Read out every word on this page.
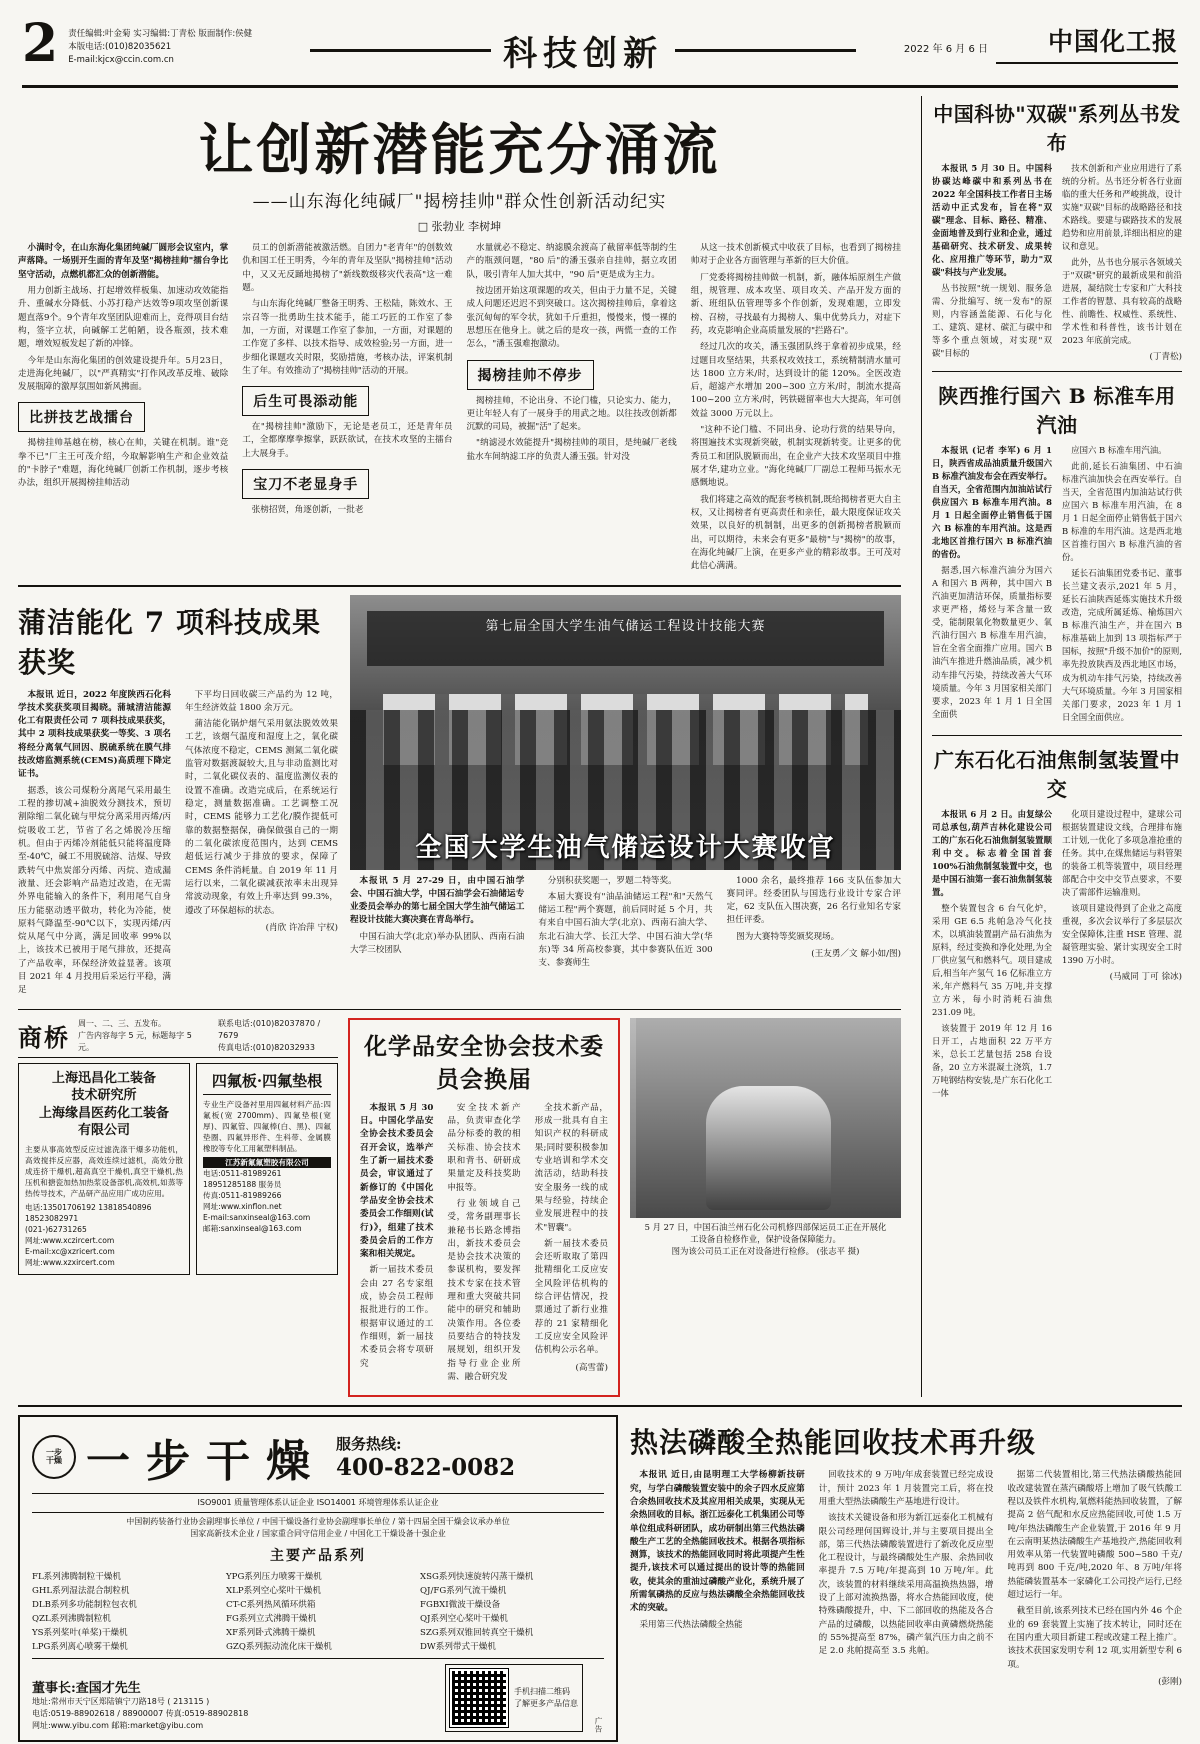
2 责任编辑:叶金菊 实习编辑:丁青松 版面制作:侯健
本版电话:(010)82035621
E-mail:kjcx@ccin.com.cn	科技创新	2022 年 6 月 6 日	中国化工报
让创新潜能充分涌流
——山东海化纯碱厂"揭榜挂帅"群众性创新活动纪实
□ 张勃业 李树坤

小满时令，在山东海化集团纯碱厂圆形会议室内，掌声落降。一场别开生面的青年及坚"揭榜挂帅"擂台争比坚守活动，点燃机都汇众的创新潜能。

用力创新主战场、打起增效样板集、加速动攻效能指升、重碱水分降低、小苏打稳产达效等9项攻坚创新课题直落9个。9个青年攻坚团队迎难而上，竞得项目台结构，签字立状，向碱解工艺帕陋，设各瓶颈，技术难题，增效短板发起了新的冲锋。

今年是山东海化集团的创效建设提升年。5月23日，走进海化纯碱厂，以"严真精实"打作风改革反堆、破除发展瓶障的激厚氛围如新风拂面。

比拼技艺战擂台

揭榜挂帅基越在榜，核心在帅，关键在机制。谁"竞拳不已"厂主王可茂介绍，今取解影响生产和企业效益的"卡脖子"难题，海化纯碱厂创新工作机制，逐步考核办法，组织开展揭榜挂帅活动

员工的创新潜能被激活燃。自团力"老青年"的创数效仇和国工任王明秀，今年的青年及坚队"揭榜挂帅"活动中，又又无反踊地揭榜了"新线数级移灾代表高"这一难题。

与山东海化纯碱厂整备王明秀、王松陆，陈效水、王宗召等一批勇助生技术能手，能工巧匠的工作室了参加，一方面，对课题工作室了参加，一方面，对课题的工作宽了多样、以技术指导、成效检验;另一方面，进一步细化课题攻关时限，奖励措施，考核办法，评案机制生了年。有效推动了"揭榜挂帅"活动的开展。

后生可畏添动能

在"揭榜挂帅"激励下，无论是老员工，还是青年员工，全都摩摩拳擦掌，跃跃欲试，在技术攻坚的主擂台上大展身手。

宝刀不老显身手

张榜招贤，角逐创新，一批老

水量就必不稳定、纳滤膜余渡高了截留率低等制约生产的瓶颈问题，"80 后"的潘玉强亲自挂帅，据立攻团队，吸引青年人加大其中，"90 后"更是成为主力。

按边团开始这项课题的攻关，但由于力量不足，关键成人问题还迟迟不到突破口。这次揭榜挂帅后，拿着这张沉甸甸的军令状，犹如千斤重担，慢慢来，慢一裸的思想压在他身上。就之后的是攻一孩，两慌一查的工作怎么，"潘玉强难抱激动。

揭榜挂帅不停步

揭榜挂帅，不论出身、不论门槛，只论实力、能力，更让年轻人有了一展身手的用武之地。以往技改创新都沉默的司局，被掘"活"了起来。

"纳滤浸水效能提升"揭榜挂帅的项目，是纯碱厂老线盐水车间纳滤工序的负责人潘玉强。针对没

从这一技术创新模式中收获了目标，也看到了揭榜挂帅对于企业各方面管理与革新的巨大价值。

厂党委将揭榜挂帅做一机制，新，融体垢原剂生产做组，规管理、成本攻坚、项目攻关、产品开发方面的新、班组队伍管理等多个作创新，发现难题，立即发榜、召榜，寻找最有力揭榜人、集中优势兵力，对症下药，攻克影响企业高质量发展的"拦路石"。

经过几次的攻关，潘玉强团队终于拿着初步成果，经过题目攻坚结果，共系权攻效技工，系统精制清水量可达 1800 立方米/时，达到设计的能 120%。全医改造后，超滤产水增加 200~300 立方米/时，制流水提高 100~200 立方米/时，钙铁磁留率也大大提高，年可创效益 3000 万元以上。

"这种不论门槛、不同出身、论功行赏的结果导向，将围遍技术实现新突破，机制实现新转变。让更多的优秀员工和团队脱颖而出，在企业产大技术攻坚项目中推展才华,建功立业。"海化纯碱厂厂副总工程师马振水无感慨地说。

我们将建之高效的配套考核机制,既给揭榜者更大自主权，又让揭榜者有更高责任和亲任，最大限度保证攻关效果，以良好的机制制，出更多的创新揭榜者脱颖而出，可以期待，未来会有更多"最榜"与"揭榜"的故事，在海化纯碱厂上演，在更多产业的精彩故事。王可茂对此信心满满。

蒲洁能化 7 项科技成果获奖

本报讯 近日，2022 年度陕西石化科学技术奖获奖项目揭晓。蒲城清洁能源化工有限责任公司 7 项科技成果获奖，其中 2 项科技成果获奖一等奖、3 项名将经分离氧气回因、脱硫系统在膜气排技改熔监测系统(CEMS)高质理下降定证书。

据悉，该公司煤粉分离尾气采用最生工程的掺切减+油脱效分测技术，预切割除缩二氧化硫与甲烷分离采用丙烯/丙烷吸收工艺，节省了名之烯脱冷压缩机。但由于丙烯冷剂能低只能将温度降至-40℃，碱工不用脱硫溶、洁煤、导致跌转气中焦炭部分丙烯、丙烷、造成漏液量、还会影响产品造过改造，在无需外界电能输入的条件下，利用尾气自身压力能驱动透平做功，转化为冷能，使原料气降温至-90℃以下，实现丙烯/丙烷从尾气中分离，满足回收率 99%以上，该技术已被用于尾气排放，还提高了产品收率，环保经济效益显著。该项目 2021 年 4 月投用后采运行平稳，满足

下平均日回收碳三产品约为 12 吨，年生经济效益 1800 余万元。

蒲洁能化锅炉烟气采用氨法脱效效果工艺，该烟气温度和湿度上之，氧化碳气体浓度不稳定，CEMS 测氮二氧化碳监管对数据渡凝较大,且与非动监测比对时，二氧化碳仪表的、温度监测仪表的设置不准确。改造完成后，在系统运行稳定，测量数据准确。工艺调整工况时，CEMS 能够力工艺化/膜作提低可靠的数据整据保，确保做强自己的一期的二氧化碳浓度范围内，达到 CEMS 超低运行减少于排放的要求，保障了 CEMS 条件消耗量。自 2019 年 11 月运行以来，二氧化碳减获浓率未出现异常波动现象，有效上升率达到 99.3%，遵改了环保超标的状态。

(肖欣 许冶萍 宁权)
第七届全国大学生油气储运工程设计技能大赛
全国大学生油气储运设计大赛收官

本报讯 5 月 27-29 日，由中国石油学会、中国石油大学，中国石油学会石油储运专业委员会举办的第七届全国大学生油气储运工程设计技能大赛决赛在青岛举行。

中国石油大学(北京)举办队团队、西南石油大学三校团队

分别积获奖题一，罗题二特等奖。

本届大赛设有"油品油储运工程"和"天然气储运工程"两个赛题，前后同时延 5 个月，共有来自中国石油大学(北京)、西南石油大学、东北石油大学、长江大学、中国石油大学(华东)等 34 所高校参赛，其中参赛队伍近 300 支、参赛师生

1000 余名，最终推荐 166 支队伍参加大赛同评。经委团队与国选行业设计专家合评定，62 支队伍入围决赛，26 名行业知名专家担任评委。

图为大赛特等奖颁奖现场。

(王友勇／文 解小如/图)
商桥 周一、二、三、五发布。
广告内容每字 5 元，标题每字 5 元。
联系电话:(010)82037870 / 7679
传真电话:(010)82032933
上海迅昌化工装备
技术研究所
上海缘昌医药化工装备
有限公司

主要从事高效型反应过滤洗涤干爆多功能机，高效搅拌反应器，高效连续过滤机，高效分散成连挤干爆机,超高真空干燥机,真空干燥机,热压机和搪瓷加热加热浆设备部机,高效机,如蒸等热传导技术，产品研产品应用广成功应用。

电话:13501706192 13818540896
18523082971
(021-)62731265
网址:www.xczircert.com
E-mail:xc@xzricert.com
网址:www.xzxircert.com
四氟板·四氟垫根

专业生产设备衬里用四氟材料产品:四氟板(宽 2700mm)、四氟垫根(宽厚)、四氟管、四氟棒(白、黑)、四氟垫圈、四氟异形件、生科带、金属膜橡胶等专化工用氟塑料制品。

江苏新氟氟塑胶有限公司
电话:0511-81989261
18951285188 服务员
传真:0511-81989266
网址:www.xinflon.net
E-mail:sanxinseal@163.com
邮箱:sanxinseal@163.com
化学品安全协会技术委员会换届

本报讯 5 月 30 日。中国化学品安全协会技术委员会召开会议，选举产生了新一届技术委员会，审议通过了新修订的《中国化学品安全协会技术委员会工作细则(试行)》，组建了技术委员会后的工作方案和相关规定。

新一届技术委员会由 27 名专家组成，协会员工程师报批进行的工作。根据审议通过的工作细则，新一届技术委员会将专项研究

安全技术新产品，负责审查化学品分标委的教的相关标准、协会技术职和背书、研研成果量定及科技奖助申报等。

行业领域自己受，常务副理事长兼秘书长路念博指出，新技术委员会是协会技术决策的参谋机构，要发挥技术专家在技术管理和重大突破共同能中的研究和辅助决策作用。各位委员要结合的特技发展规划，组织开发指导行业企业所需、融合研究发

全技术新产品，形成一批具有自主知识产权的科研成果;同时要积极参加专业培训和学术交流活动，结助科技安全服务一线的成果与经验，持续企业发展进程中的技术"智囊"。

新一届技术委员会还听取取了第四批精细化工反应安全风险评估机构的综合评估情况，投票通过了新行业推荐的 21 家精细化工反应安全风险评估机构公示名单。

(高雪蕾)
5 月 27 日，中国石油兰州石化公司机修四部保运员工正在开展化
工设备自检修作业，保护设备保障能力。
图为该公司员工正在对设备进行检修。 (张志平 摄)
中国科协"双碳"系列丛书发布

本报讯 5 月 30 日。中国科协碳达峰碳中和系列丛书在 2022 年全国科技工作者日主场活动中正式发布，旨在将"双碳"理念、目标、路径、精准、金面地普及到行业和企业，通过基础研究、技术研发、成果转化、应用推广等环节，助力"双碳"科技与产业发展。

丛书按照"统一规划、服务急需、分批编写、统一发布"的原则，内容涵盖能源、石化与化工、建筑、建材、碳汇与碳中和等多个重点领域，对实现"双碳"目标的

技术创新和产业应用进行了系统的分析。丛书还分析各行业面临的重大任务和严峻挑战，设计实施"双碳"目标的战略路径和技术路线。要建与碳路技术的发展趋势和应用前景,详细出相应的建议和意见。

此外，丛书也分展示各领域关于"双碳"研究的最新成果和前沿进展，凝结院士专家和广大科技工作者的智慧、具有较高的战略性、前瞻性、权威性、系统性、学术性和科普性，该书计划在 2023 年底前完成。

(丁青松)
陕西推行国六 B 标准车用汽油

本报讯 (记者 李军) 6 月 1 日，陕西省成品油质量升级国六 B 标准汽油发布会在西安举行。自当天，全省范围内加油站试行供应国六 B 标准车用汽油。8 月 1 日起全面停止销售低于国六 B 标准的车用汽油。这是西北地区首推行国六 B 标准汽油的省份。

据悉,国六标准汽油分为国六 A 和国六 B 两种，其中国六 B 汽油更加清洁环保，质量指标要求更严格，烯烃与苯含量一致受，能制限氧化物数量更少、氧汽油行国六 B 标准车用汽油，旨在全省全面推广应用。国六 B 油汽车推进升燃油品质，减少机动车排气污染，持续改善大气环境质量。今年 3 月国家相关部门要求，2023 年 1 月 1 日全国全面供

应国六 B 标准车用汽油。

此前,延长石油集团、中石油标准汽油加快会在西安举行。自当天，全省范围内加油站试行供应国六 B 标准车用汽油，在 8 月 1 日起全面停止销售低于国六 B 标准的车用汽油。这是西北地区首推行国六 B 标准汽油的省份。

延长石油集团党委书记、董事长兰建文表示,2021 年 5 月，延长石油陕西延炼实施技术升级改造，完成所属延炼、榆炼国六 B 标准汽油生产，并在国六 B 标准基础上加到 13 项指标严于国标，按照"升级不加价"的原则,率先投放陕西及西北地区市场，成为机动车排气污染，持续改善大气环境质量。今年 3 月国家相关部门要求，2023 年 1 月 1 日全国全面供应。

广东石化石油焦制氢装置中交

本报讯 6 月 2 日。由复绿公司总承包,葫芦吉林化建设公司工的广东石化石油焦制氢装置顺利中交。标志着全国首套 100%石油焦制氢装置中交，也是中国石油第一套石油焦制氢装置。

整个装置包含 6 台气化炉，采用 GE 6.5 兆帕急冷气化技术，以填油装置副产品石油焦为原料，经过变换和净化处理,为全厂供应氢气和燃料气。项目建成后,相当年产氢气 16 亿标准立方米,年产燃料气 35 万吨,并支撑立方米，每小时消耗石油焦 231.09 吨。

该装置于 2019 年 12 月 16 日开工，占地面积 22 万平方米，总长工艺量包括 258 台设备，20 立方米混凝土浇筑，1.7 万吨钢结构安装,是广东石化化工一体

化项目建设过程中，建球公司根据装置建设文线，合理排布施工计划,一优化了多项急准抢重的任务。其中,在煤焦储运与料管架的装备工机等装置中，项目经理部配合中交中交节点要求，不要决了需部件运输准则。

该项目建设得到了企业之高度重视，多次会议举行了多层层次安全保障体,注重 HSE 管理、混凝管理实验、紧计实现安全工时 1390 万小时。

(马威同 丁可 徐冰)
一步
干燥 一步干燥 服务热线:
400-822-0082
ISO9001 质量管理体系认证企业 ISO14001 环境管理体系认证企业
中国制药装备行业协会副理事长单位 / 中国干燥设备行业协会副理事长单位 / 第十四届全国干燥会议承办单位
国家高新技术企业 / 国家重合同守信用企业 / 中国化工干燥设备十强企业
主要产品系列
FL系列沸腾制粒干燥机	YPG系列压力喷雾干燥机	XSG系列快速旋转闪蒸干燥机
GHL系列湿法混合制粒机	XLP系列空心桨叶干燥机	QJ/FG系列气流干燥机
DLB系列多功能制粒包衣机	CT-C系列热风循环烘箱	FGBXI微波干燥设备
QZL系列沸腾制粒机	FG系列立式沸腾干燥机	QJ系列空心桨叶干燥机
YS系列桨叶(单桨)干燥机	XF系列卧式沸腾干燥机	SZG系列双锥回转真空干燥机
LPG系列离心喷雾干燥机	GZQ系列振动流化床干燥机	DW系列带式干燥机
董事长:查国才先生
地址:常州市天宁区郑陆镇宁刀路18号 ( 213115 )
电话:0519-88902618 / 88900007 传真:0519-88902818
网址:www.yibu.com 邮箱:market@yibu.com
手机扫描二维码
了解更多产品信息
广告
热法磷酸全热能回收技术再升级

本报讯 近日,由昆明理工大学杨柳新技研究，与学白磷酸装置安装中的余子四水反应第合余热回收技术及其应用相关成果，实现从无余热回收的目标。浙江远泰化工机集团公司等单位组成科研团队，成功研制出第三代热法磷酸生产工艺的全热能回收技术。根据各项指标测算，该技术的热能回收同时将此项提产生性提升,该技术可以通过提出的设计等的热能回收，使其余的重油过磷酸产业化，系统升展了所需氧磷热的反应与热法磷酸全余热能回收技术的突破。

采用第三代热法磷酸全热能

回收技术的 9 万吨/年成套装置已经完成设计，预计 2023 年 1 月装置完工后，将在投用重大型热法磷酸生产基地进行设计。

该技术关键设备和形为新江远泰化工机械有限公司经理何国辉设计,并与主要项目提出全部，第三代热法磷酸装置进行了新改化反应型化工程设计，与最终磷酸处生产服、余热回收率提升 7.5 万吨/年提高到 10 万吨/年。此次，该装置的材料继续采用高温换热热器，增设了上部对流换热器，将水合热能回收度，使特殊磷酸提升，中、下二部回收的热能及各合产品的过磷酸，以热能回收率由黄磷燃烧热能的 55%提高至 87%，磷产氧汽压力由之前不足 2.0 兆帕提高至 3.5 兆帕。

据第二代装置相比,第三代热法磷酸热能回收改建装置在蒸汽磷酸塔上增加了吸气铁酸工程以及铁件水机构,氧燃料能热回收装置，了解提高 2 倍气配和水反应热能回收,可使 1.5 万吨/年热法磷酸生产企业装置,于 2016 年 9 月在云南明某热法磷酸生产基地投产,热能回收利用效率从第一代装置吨磷酸 500~580 千克/吨再到 800 千克/吨,2020 年、8 万吨/年将热能磷装置基本一家磷化工公司投产运行,已经超过运行一年。

截至目前,该系列技术已经在国内外 46 个企业的 69 套装置上实施了技术转让，同时还在在国内重大项目新建工程或改建工程上推广。该技术获国家发明专利 12 项,实用新型专利 6 项。

(彭刚)
